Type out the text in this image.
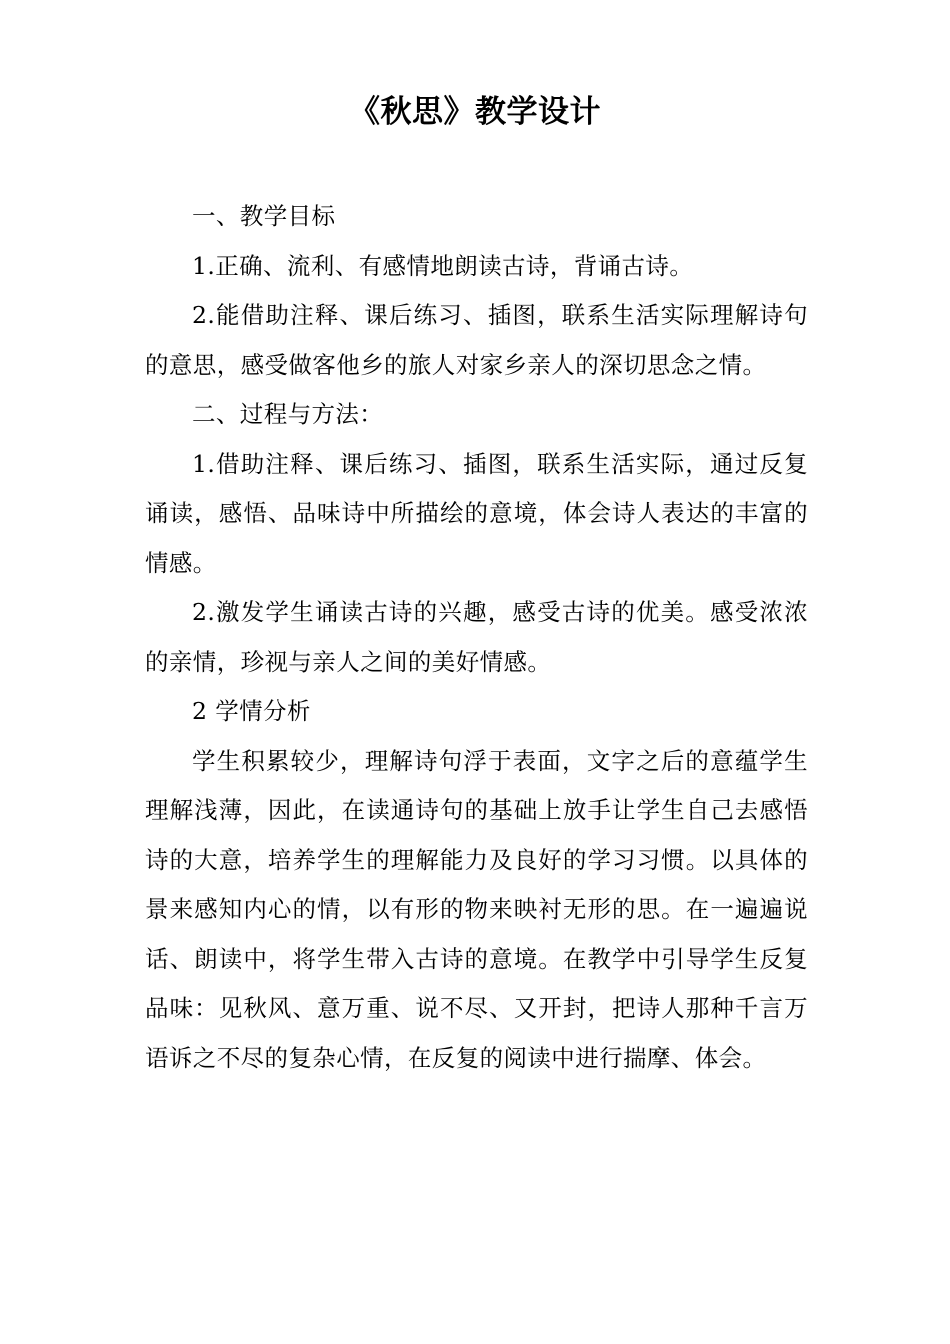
《秋思》教学设计

一、教学目标

1.正确、流利、有感情地朗读古诗，背诵古诗。

2.能借助注释、课后练习、插图，联系生活实际理解诗句的意思，感受做客他乡的旅人对家乡亲人的深切思念之情。

二、过程与方法：

1.借助注释、课后练习、插图，联系生活实际，通过反复诵读，感悟、品味诗中所描绘的意境，体会诗人表达的丰富的情感。

2.激发学生诵读古诗的兴趣，感受古诗的优美。感受浓浓的亲情，珍视与亲人之间的美好情感。

2 学情分析

学生积累较少，理解诗句浮于表面，文字之后的意蕴学生理解浅薄，因此，在读通诗句的基础上放手让学生自己去感悟诗的大意，培养学生的理解能力及良好的学习习惯。以具体的景来感知内心的情，以有形的物来映衬无形的思。在一遍遍说话、朗读中，将学生带入古诗的意境。在教学中引导学生反复品味：见秋风、意万重、说不尽、又开封，把诗人那种千言万语诉之不尽的复杂心情，在反复的阅读中进行揣摩、体会。
